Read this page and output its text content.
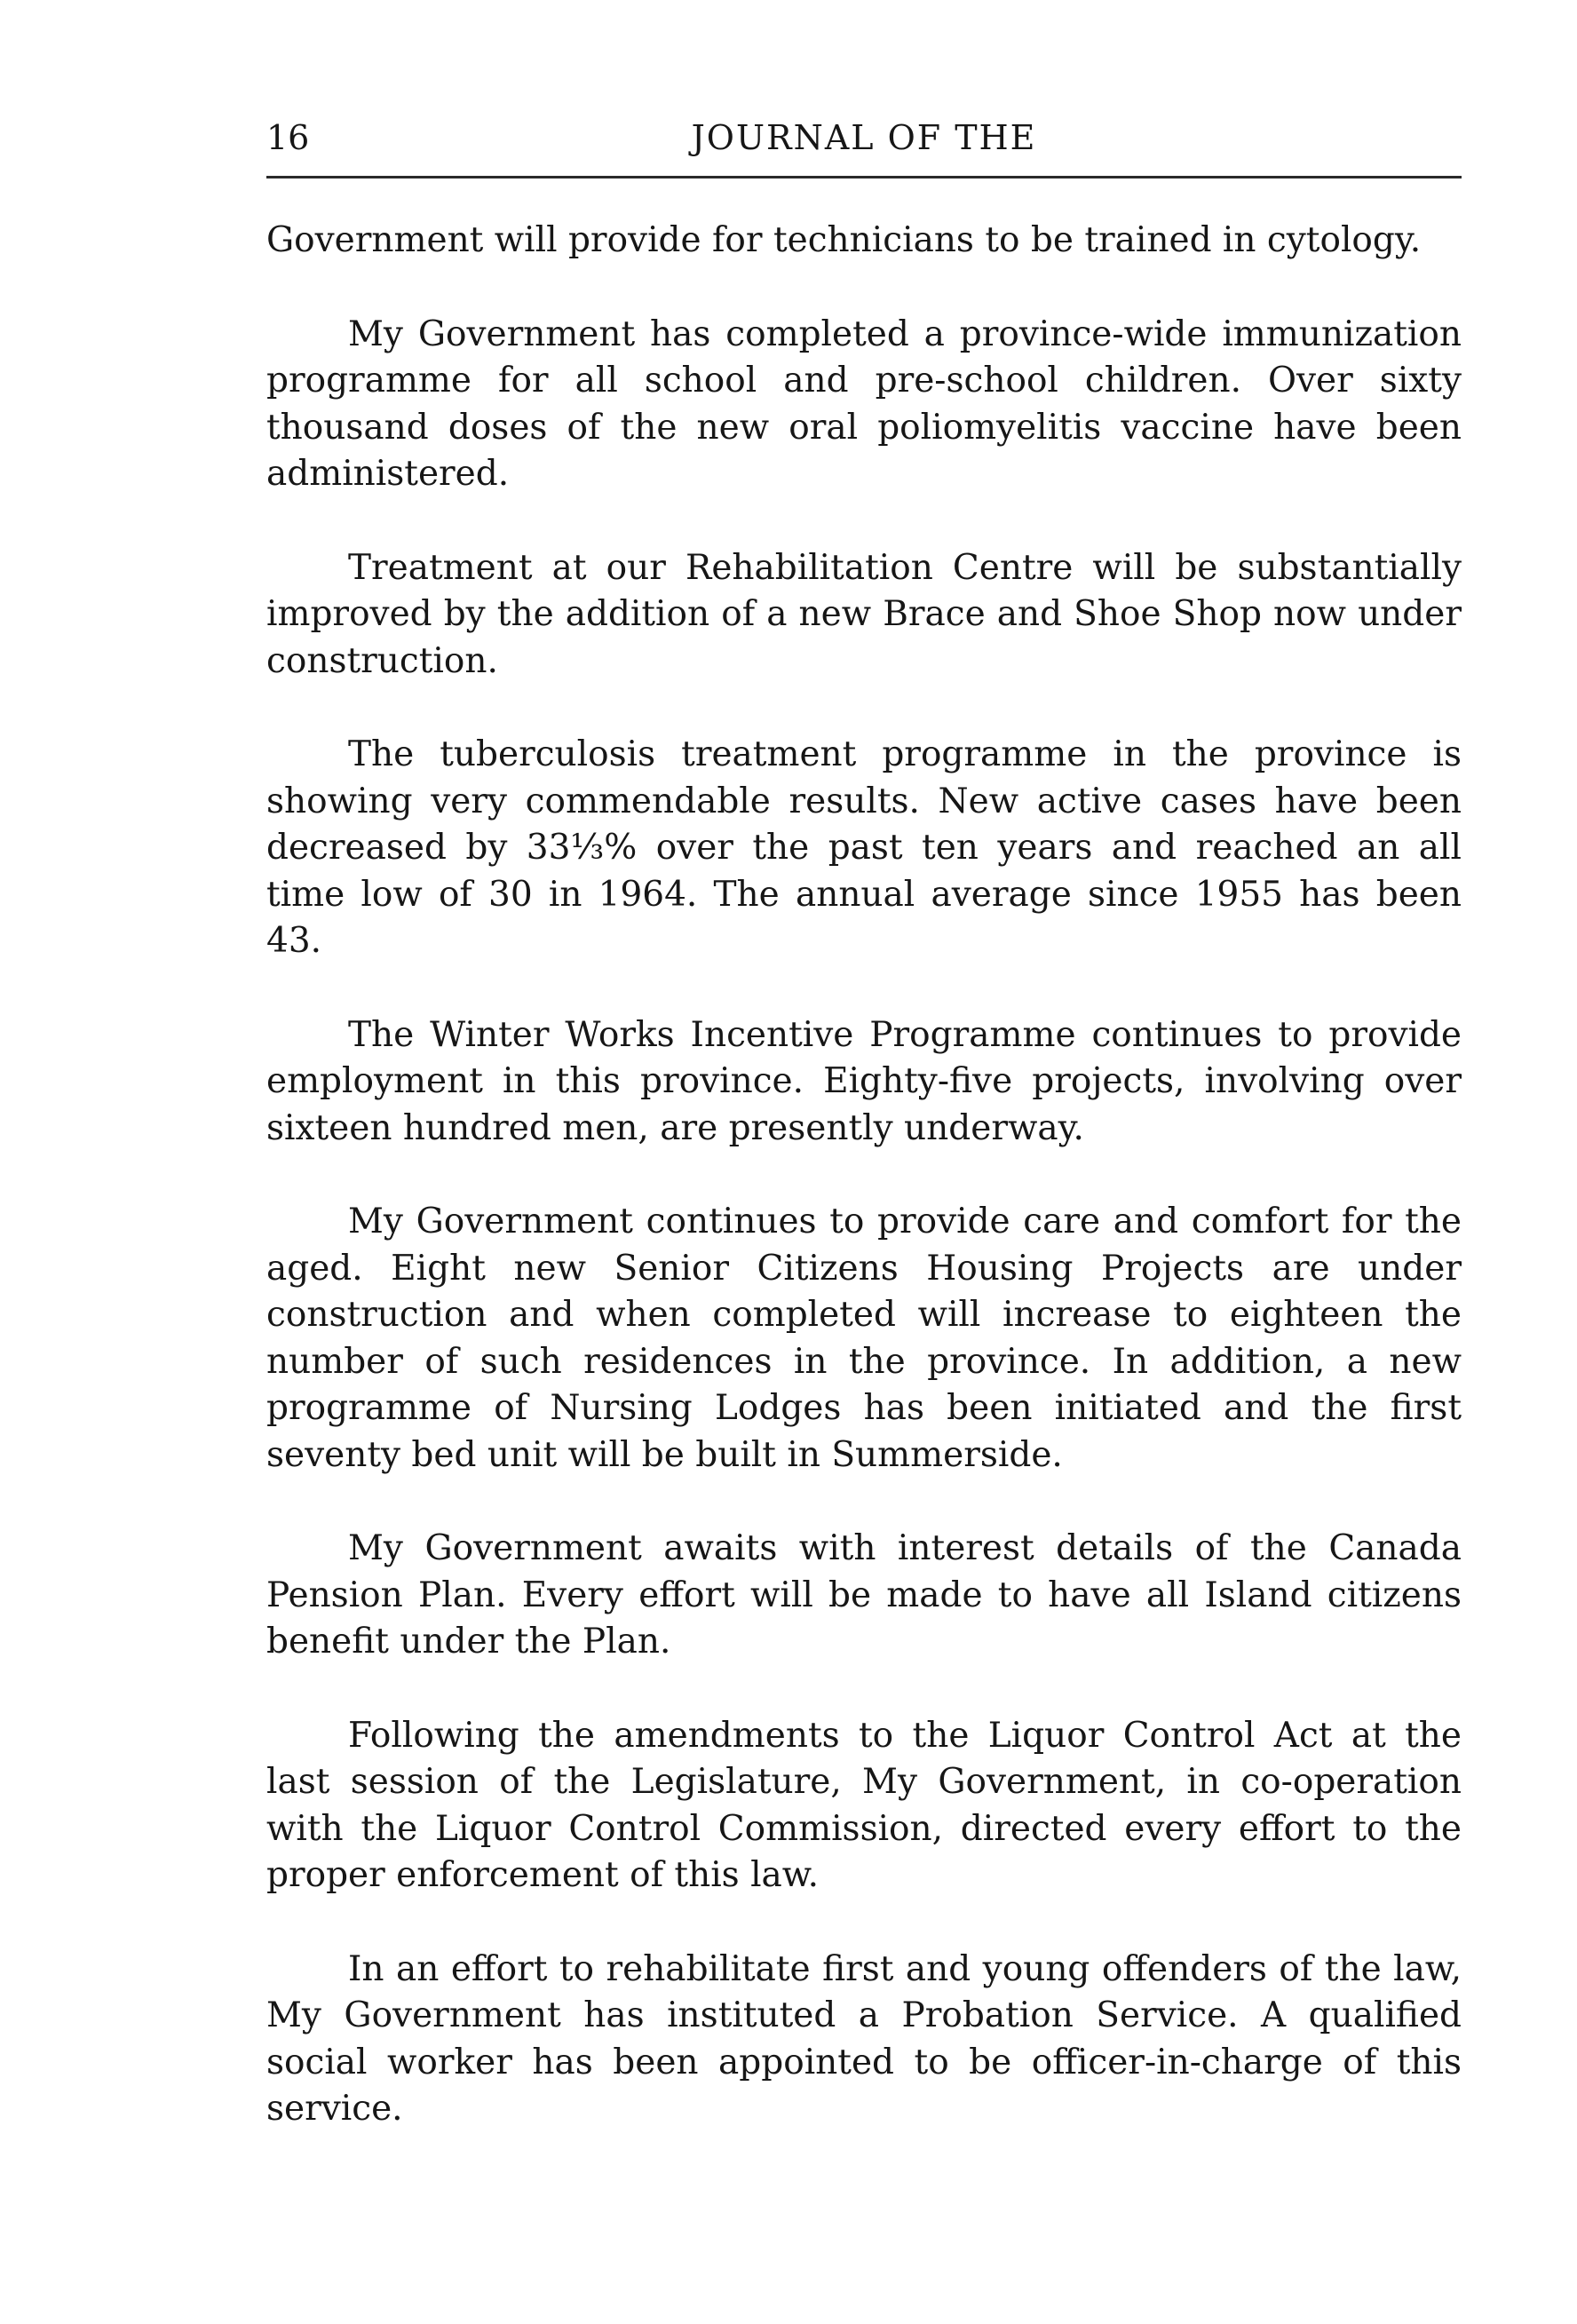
16	JOURNAL OF THE

Government will provide for technicians to be trained in cytology.

My Government has completed a province-wide immunization programme for all school and pre-school children. Over sixty thousand doses of the new oral poliomyelitis vaccine have been administered.

Treatment at our Rehabilitation Centre will be substantially improved by the addition of a new Brace and Shoe Shop now under construction.

The tuberculosis treatment programme in the province is showing very commendable results. New active cases have been decreased by 33⅓% over the past ten years and reached an all time low of 30 in 1964. The annual average since 1955 has been 43.

The Winter Works Incentive Programme continues to provide employment in this province. Eighty-five projects, involving over sixteen hundred men, are presently underway.

My Government continues to provide care and comfort for the aged. Eight new Senior Citizens Housing Projects are under construction and when completed will increase to eighteen the number of such residences in the province. In addition, a new programme of Nursing Lodges has been initiated and the first seventy bed unit will be built in Summerside.

My Government awaits with interest details of the Canada Pension Plan. Every effort will be made to have all Island citizens benefit under the Plan.

Following the amendments to the Liquor Control Act at the last session of the Legislature, My Government, in co-operation with the Liquor Control Commission, directed every effort to the proper enforcement of this law.

In an effort to rehabilitate first and young offenders of the law, My Government has instituted a Probation Service. A qualified social worker has been appointed to be officer-in-charge of this service.
